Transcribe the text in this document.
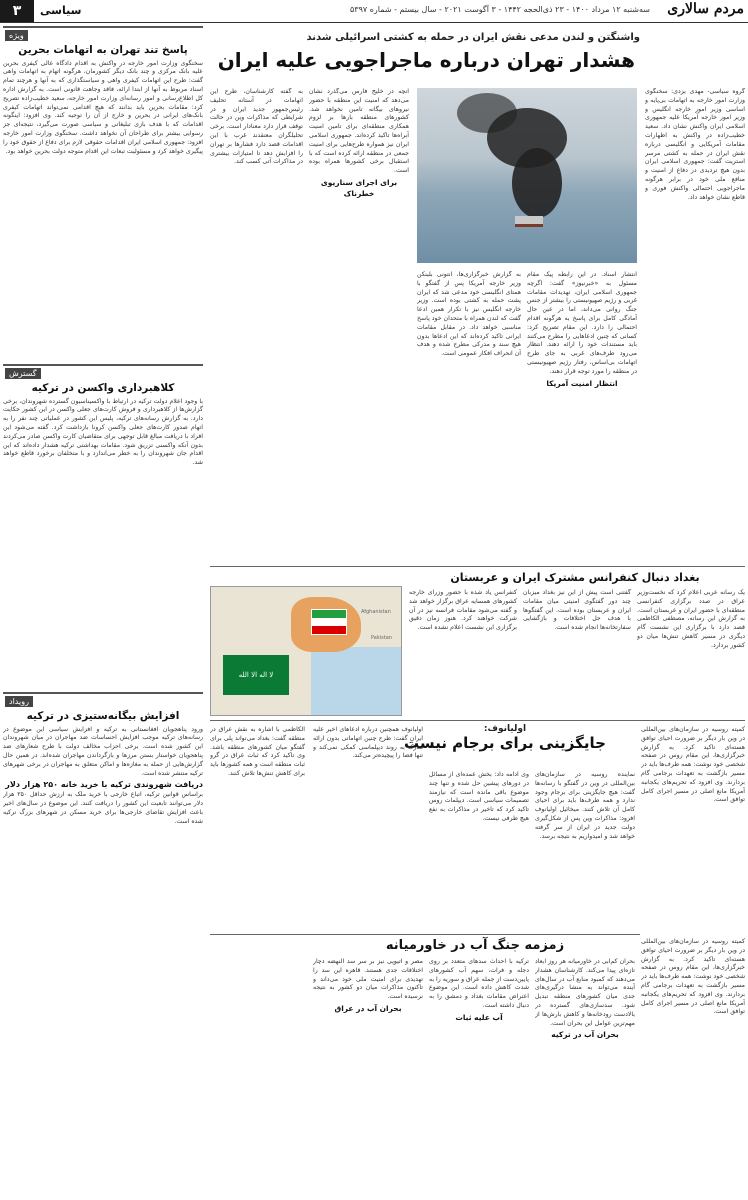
۳	سیاسی	مردم سالاری
سه‌شنبه ۱۲ مرداد ۱۴۰۰ - ۲۳ ذی‌الحجه ۱۴۴۲ - ۳ آگوست ۲۰۲۱ - سال بیستم - شماره ۵۳۹۷
ویژه
پاسخ تند تهران به اتهامات بحرین
سخنگوی وزارت امور خارجه در واکنش به اقدام دادگاه عالی کیفری بحرین علیه بانک مرکزی و چند بانک دیگر کشورمان، هرگونه اتهام به اتهامات واهی گفت: طرح این اتهامات کیفری واهی و سیاستگذاری که به آنها و هرچند تمام اسناد مربوط به آنها از ابتدا ارائه، فاقد وجاهت قانونی است. به گزارش اداره کل اطلاع‌رسانی و امور رسانه‌ای وزارت امور خارجه، سعید خطیب‌زاده تصریح کرد: مقامات بحرین باید بدانند که هیچ اقدامی نمی‌تواند اتهامات کیفری بانک‌های ایرانی در بحرین و خارج از آن را توجیه کند. وی افزود: اینگونه اقدامات که با هدف بازی تبلیغاتی و سیاسی صورت می‌گیرد، نتیجه‌ای جز رسوایی بیشتر برای طراحان آن نخواهد داشت. سخنگوی وزارت امور خارجه افزود: جمهوری اسلامی ایران اقدامات حقوقی لازم برای دفاع از حقوق خود را پیگیری خواهد کرد و مسئولیت تبعات این اقدام متوجه دولت بحرین خواهد بود.
گسترش
کلاهبرداری واکسن در ترکیه
با وجود اعلام دولت ترکیه در ارتباط با واکسیناسیون گسترده شهروندان، برخی گزارش‌ها از کلاهبرداری و فروش کارت‌های جعلی واکسن در این کشور حکایت دارد. به گزارش رسانه‌های ترکیه، پلیس این کشور در عملیاتی چند نفر را به اتهام صدور کارت‌های جعلی واکسن کرونا بازداشت کرد. گفته می‌شود این افراد با دریافت مبالغ قابل توجهی برای متقاضیان کارت واکسن صادر می‌کردند بدون آنکه واکسنی تزریق شود. مقامات بهداشتی ترکیه هشدار داده‌اند که این اقدام جان شهروندان را به خطر می‌اندازد و با متخلفان برخورد قاطع خواهد شد.
رویداد
افزایش بیگانه‌ستیزی در ترکیه
ورود پناهجویان افغانستانی به ترکیه و افزایش سیاسی این موضوع در رسانه‌های ترکیه موجب افزایش احساسات ضد مهاجران در میان شهروندان این کشور شده است. برخی احزاب مخالف دولت با طرح شعارهای ضد پناهجویان خواستار بستن مرزها و بازگرداندن مهاجران شده‌اند. در همین حال گزارش‌هایی از حمله به مغازه‌ها و اماکن متعلق به مهاجران در برخی شهرهای ترکیه منتشر شده است.
دریافت شهروندی ترکیه با خرید خانه ۲۵۰ هزار دلار
براساس قوانین ترکیه، اتباع خارجی با خرید ملک به ارزش حداقل ۲۵۰ هزار دلار می‌توانند تابعیت این کشور را دریافت کنند. این موضوع در سال‌های اخیر باعث افزایش تقاضای خارجی‌ها برای خرید مسکن در شهرهای بزرگ ترکیه شده است.
واشنگتن و لندن مدعی نقش ایران در حمله به کشتی اسرائیلی شدند
هشدار تهران درباره ماجراجویی علیه ایران
گروه سیاسی- مهدی یزدی: سخنگوی وزارت امور خارجه به اتهامات بی‌پایه و اساسی وزیر امور خارجه انگلیس و وزیر امور خارجه آمریکا علیه جمهوری اسلامی ایران واکنش نشان داد. سعید خطیب‌زاده در واکنش به اظهارات مقامات آمریکایی و انگلیسی درباره نقش ایران در حمله به کشتی مرسر استریت گفت: جمهوری اسلامی ایران بدون هیچ تردیدی در دفاع از امنیت و منافع ملی خود در برابر هرگونه ماجراجویی احتمالی واکنش فوری و قاطع نشان خواهد داد.
انتشار اسناد. در این رابطه پیک مقام مسئول به «خبرنیوز» گفت: اگرچه جمهوری اسلامی ایران، تهدیدات مقامات غربی و رژیم صهیونیستی را بیشتر از جنس جنگ روانی می‌داند، اما در عین حال آمادگی کامل برای پاسخ به هرگونه اقدام احتمالی را دارد. این مقام تصریح کرد: کسانی که چنین ادعاهایی را مطرح می‌کنند باید مستندات خود را ارائه دهند. انتظار می‌رود طرف‌های غربی به جای طرح اتهامات بی‌اساس، رفتار رژیم صهیونیستی در منطقه را مورد توجه قرار دهند.
انتظار امنیت آمریکا
به گزارش خبرگزاری‌ها، آنتونی بلینکن وزیر خارجه آمریکا پس از گفتگو با همتای انگلیسی خود مدعی شد که ایران پشت حمله به کشتی بوده است. وزیر خارجه انگلیس نیز با تکرار همین ادعا گفت که لندن همراه با متحدان خود پاسخ مناسبی خواهد داد. در مقابل مقامات ایرانی تاکید کرده‌اند که این ادعاها بدون هیچ سند و مدرکی مطرح شده و هدف آن انحراف افکار عمومی است.
آنچه در خلیج فارس می‌گذرد نشان می‌دهد که امنیت این منطقه با حضور نیروهای بیگانه تامین نخواهد شد. کشورهای منطقه بارها بر لزوم همکاری منطقه‌ای برای تامین امنیت آبراه‌ها تاکید کرده‌اند. جمهوری اسلامی ایران نیز همواره طرح‌هایی برای امنیت جمعی در منطقه ارائه کرده است که با استقبال برخی کشورها همراه بوده است.
برای اجرای سناریوی خطرناک
به گفته کارشناسان، طرح این اتهامات در آستانه تحلیف رئیس‌جمهور جدید ایران و در شرایطی که مذاکرات وین در حالت توقف قرار دارد معنادار است. برخی تحلیلگران معتقدند غرب با این اقدامات قصد دارد فشارها بر تهران را افزایش دهد تا امتیازات بیشتری در مذاکرات آتی کسب کند.
بغداد دنبال کنفرانس مشترک ایران و عربستان
یک رسانه عربی اعلام کرد که نخست‌وزیر عراق در صدد برگزاری کنفرانسی منطقه‌ای با حضور ایران و عربستان است. به گزارش این رسانه، مصطفی الکاظمی قصد دارد با برگزاری این نشست گام دیگری در مسیر کاهش تنش‌ها میان دو کشور بردارد.
گفتنی است پیش از این نیز بغداد میزبان چند دور گفتگوی امنیتی میان مقامات ایران و عربستان بوده است. این گفتگوها با هدف حل اختلافات و بازگشایی سفارتخانه‌ها انجام شده است.
کنفرانس یاد شده با حضور وزرای خارجه کشورهای همسایه عراق برگزار خواهد شد و گفته می‌شود مقامات فرانسه نیز در آن شرکت خواهند کرد. هنوز زمان دقیق برگزاری این نشست اعلام نشده است.
لا اله الا الله
Afghanistan
Pakistan
اولیانوف:
جایگزینی برای برجام نیست
نماینده روسیه در سازمان‌های بین‌المللی در وین در گفتگو با رسانه‌ها گفت: هیچ جایگزینی برای برجام وجود ندارد و همه طرف‌ها باید برای احیای کامل آن تلاش کنند. میخائیل اولیانوف افزود: مذاکرات وین پس از شکل‌گیری دولت جدید در ایران از سر گرفته خواهد شد و امیدواریم به نتیجه برسد.
وی ادامه داد: بخش عمده‌ای از مسائل در دورهای پیشین حل شده و تنها چند موضوع باقی مانده است که نیازمند تصمیمات سیاسی است. دیپلمات روس تاکید کرد که تاخیر در مذاکرات به نفع هیچ طرفی نیست.
اولیانوف همچنین درباره ادعاهای اخیر علیه ایران گفت: طرح چنین اتهاماتی بدون ارائه مدرک به روند دیپلماسی کمکی نمی‌کند و تنها فضا را پیچیده‌تر می‌کند.
کمیته روسیه در سازمان‌های بین‌المللی در وین بار دیگر بر ضرورت احیای توافق هسته‌ای تاکید کرد. به گزارش خبرگزاری‌ها، این مقام روس در صفحه شخصی خود نوشت: همه طرف‌ها باید در مسیر بازگشت به تعهدات برجامی گام بردارند. وی افزود که تحریم‌های یکجانبه آمریکا مانع اصلی در مسیر اجرای کامل توافق است.
الکاظمی با اشاره به نقش عراق در منطقه گفت: بغداد می‌تواند پلی برای گفتگو میان کشورهای منطقه باشد. وی تاکید کرد که ثبات عراق در گرو ثبات منطقه است و همه کشورها باید برای کاهش تنش‌ها تلاش کنند.
زمزمه جنگ آب در خاورمیانه
بحران کم‌آبی در خاورمیانه هر روز ابعاد تازه‌ای پیدا می‌کند. کارشناسان هشدار می‌دهند که کمبود منابع آب در سال‌های آینده می‌تواند به منشا درگیری‌های جدی میان کشورهای منطقه تبدیل شود. سدسازی‌های گسترده در بالادست رودخانه‌ها و کاهش بارش‌ها از مهم‌ترین عوامل این بحران است.
بحران آب در ترکیه
ترکیه با احداث سدهای متعدد بر روی دجله و فرات، سهم آب کشورهای پایین‌دست از جمله عراق و سوریه را به شدت کاهش داده است. این موضوع اعتراض مقامات بغداد و دمشق را به دنبال داشته است.
آب علیه ثبات
مصر و اتیوپی نیز بر سر سد النهضه دچار اختلافات جدی هستند. قاهره این سد را تهدیدی برای امنیت ملی خود می‌داند و تاکنون مذاکرات میان دو کشور به نتیجه نرسیده است.
بحران آب در عراق
کمیته روسیه در سازمان‌های بین‌المللی در وین بار دیگر بر ضرورت احیای توافق هسته‌ای تاکید کرد. به گزارش خبرگزاری‌ها، این مقام روس در صفحه شخصی خود نوشت: همه طرف‌ها باید در مسیر بازگشت به تعهدات برجامی گام بردارند. وی افزود که تحریم‌های یکجانبه آمریکا مانع اصلی در مسیر اجرای کامل توافق است.
